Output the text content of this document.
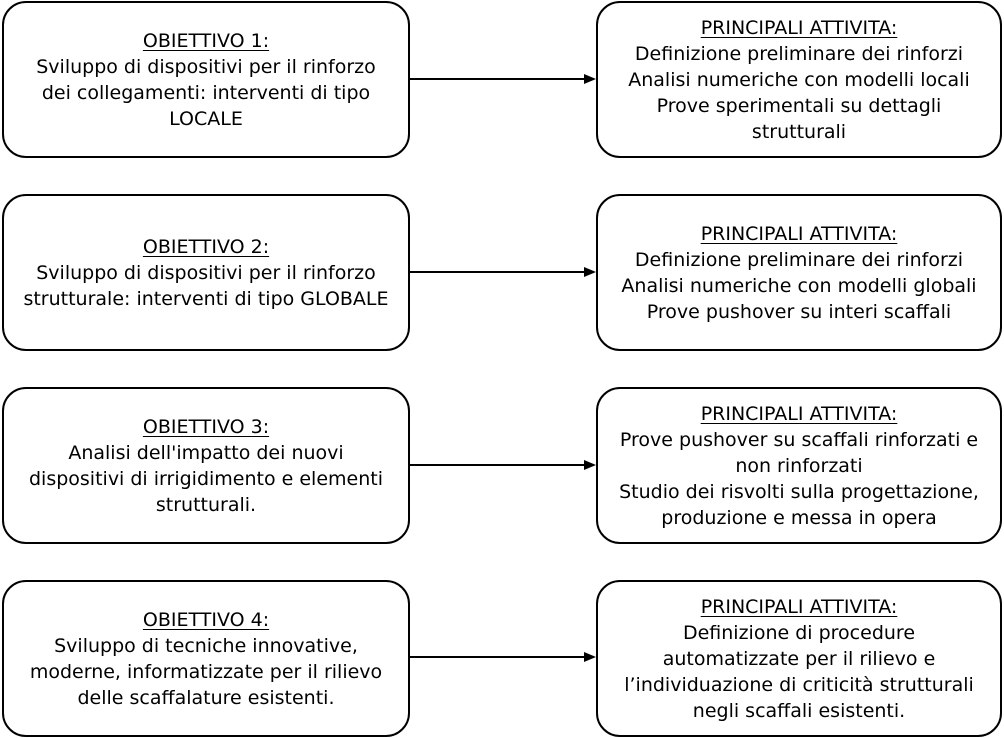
OBIETTIVO 1:
Sviluppo di dispositivi per il rinforzo
dei collegamenti: interventi di tipo
LOCALE
PRINCIPALI ATTIVITA:
Definizione preliminare dei rinforzi
Analisi numeriche con modelli locali
Prove sperimentali su dettagli
strutturali
OBIETTIVO 2:
Sviluppo di dispositivi per il rinforzo
strutturale: interventi di tipo GLOBALE
PRINCIPALI ATTIVITA:
Definizione preliminare dei rinforzi
Analisi numeriche con modelli globali
Prove pushover su interi scaffali
OBIETTIVO 3:
Analisi dell'impatto dei nuovi
dispositivi di irrigidimento e elementi
strutturali.
PRINCIPALI ATTIVITA:
Prove pushover su scaffali rinforzati e
non rinforzati
Studio dei risvolti sulla progettazione,
produzione e messa in opera
OBIETTIVO 4:
Sviluppo di tecniche innovative,
moderne, informatizzate per il rilievo
delle scaffalature esistenti.
PRINCIPALI ATTIVITA:
Definizione di procedure
automatizzate per il rilievo e
l’individuazione di criticità strutturali
negli scaffali esistenti.
